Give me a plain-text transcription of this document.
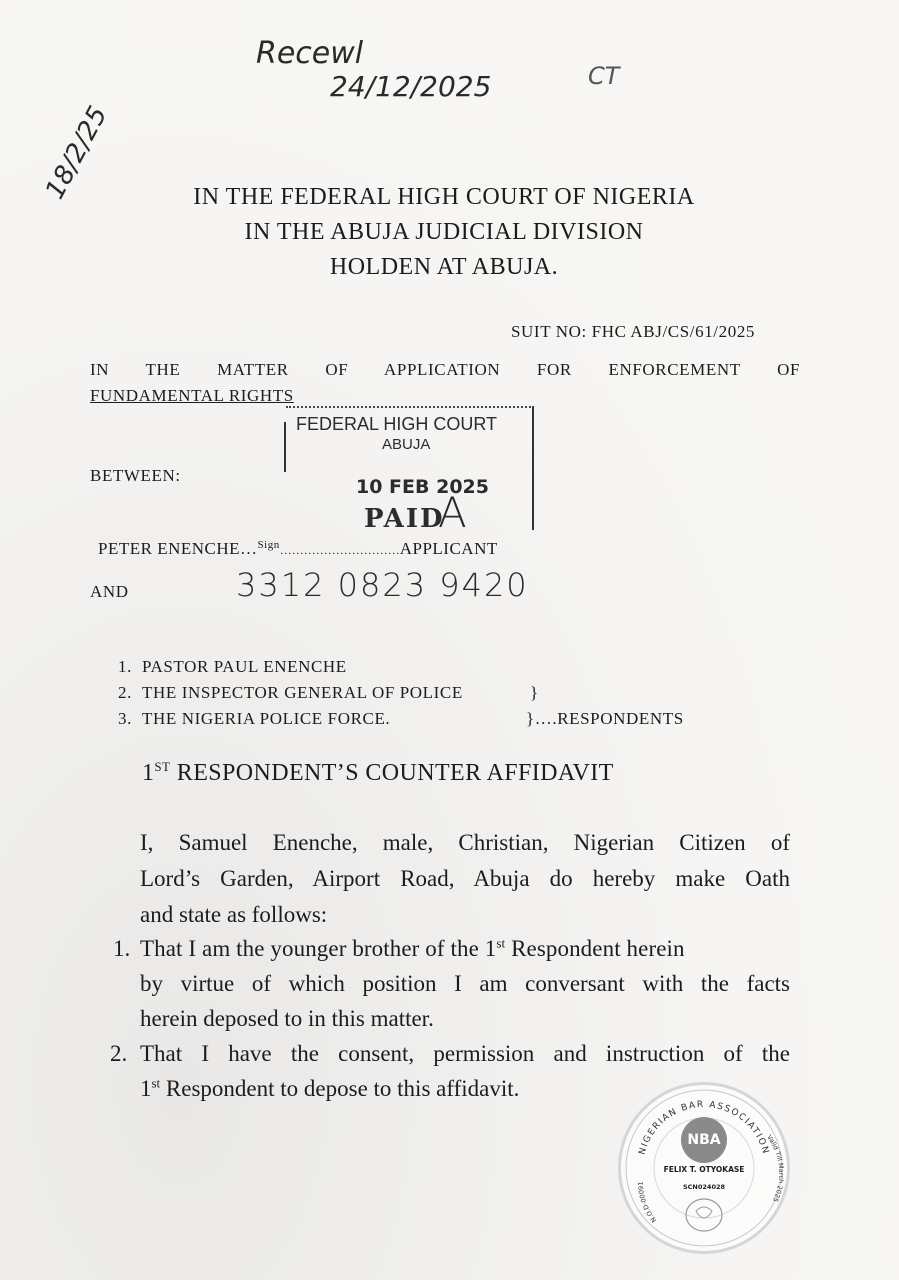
Recewl
24/12/2025	CT
18/2/25	IN THE FEDERAL HIGH COURT OF NIGERIA
IN THE ABUJA JUDICIAL DIVISION
HOLDEN AT ABUJA.
SUIT NO: FHC ABJ/CS/61/2025
IN THE MATTER OF APPLICATION FOR ENFORCEMENT OF
FUNDAMENTAL RIGHTS
FEDERAL HIGH COURT
ABUJA
10 FEB 2025
PAID
A
BETWEEN:
PETER ENENCHE…$^{Sign}$…………………………APPLICANT
AND	3312 0823 9420
1. PASTOR PAUL ENENCHE
2. THE INSPECTOR GENERAL OF POLICE	}
3. THE NIGERIA POLICE FORCE.	}….RESPONDENTS
1ST RESPONDENT’S COUNTER AFFIDAVIT
I, Samuel Enenche, male, Christian, Nigerian Citizen of
Lord’s Garden, Airport Road, Abuja do hereby make Oath
and state as follows:
1. That I am the younger brother of the 1st Respondent herein
by virtue of which position I am conversant with the facts
herein deposed to in this matter.
2. That I have the consent, permission and instruction of the
1st Respondent to depose to this affidavit.
NIGERIAN BAR ASSOCIATION
Valid Till March 2025
N.O.D-00091
NBA
FELIX T. OTYOKASE
SCN024028
